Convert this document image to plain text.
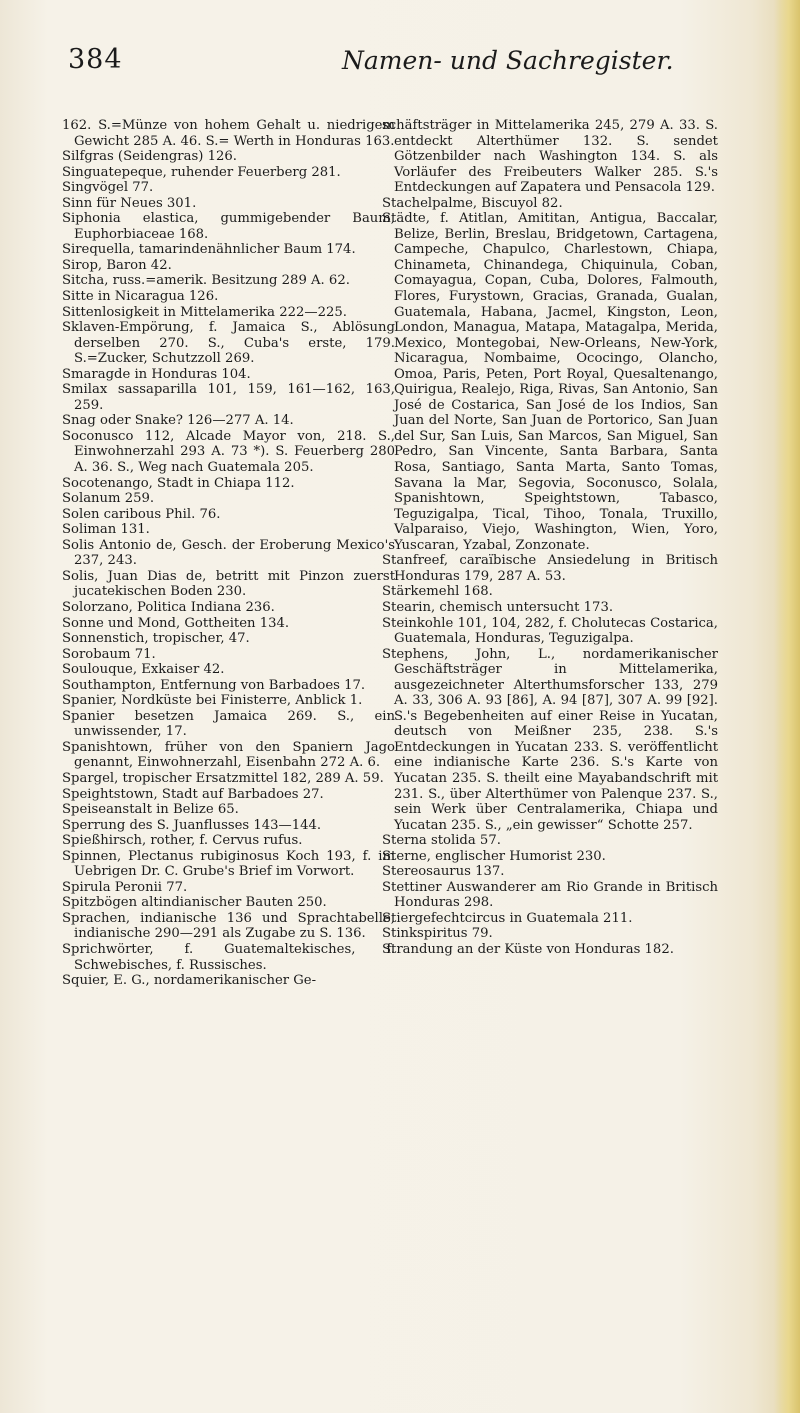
384	Namen- und Sachregister.

162. S.=Münze von hohem Gehalt u. niedrigem Gewicht 285 A. 46. S.= Werth in Honduras 163.

Silfgras (Seidengras) 126.

Singuatepeque, ruhender Feuerberg 281.

Singvögel 77.

Sinn für Neues 301.

Siphonia elastica, gummigebender Baum, Euphorbiaceae 168.

Sirequella, tamarindenähnlicher Baum 174.

Sirop, Baron 42.

Sitcha, russ.=amerik. Besitzung 289 A. 62.

Sitte in Nicaragua 126.

Sittenlosigkeit in Mittelamerika 222—225.

Sklaven-Empörung, f. Jamaica S., Ablösung derselben 270. S., Cuba's erste, 179. S.=Zucker, Schutzzoll 269.

Smaragde in Honduras 104.

Smilax sassaparilla 101, 159, 161—162, 163, 259.

Snag oder Snake? 126—277 A. 14.

Soconusco 112, Alcade Mayor von, 218. S., Einwohnerzahl 293 A. 73 *). S. Feuerberg 280 A. 36. S., Weg nach Guatemala 205.

Socotenango, Stadt in Chiapa 112.

Solanum 259.

Solen caribous Phil. 76.

Soliman 131.

Solis Antonio de, Gesch. der Eroberung Mexico's 237, 243.

Solis, Juan Dias de, betritt mit Pinzon zuerst jucatekischen Boden 230.

Solorzano, Politica Indiana 236.

Sonne und Mond, Gottheiten 134.

Sonnenstich, tropischer, 47.

Sorobaum 71.

Soulouque, Exkaiser 42.

Southampton, Entfernung von Barbadoes 17.

Spanier, Nordküste bei Finisterre, Anblick 1.

Spanier besetzen Jamaica 269. S., ein unwissender, 17.

Spanishtown, früher von den Spaniern Jago genannt, Einwohnerzahl, Eisenbahn 272 A. 6.

Spargel, tropischer Ersatzmittel 182, 289 A. 59.

Speightstown, Stadt auf Barbadoes 27.

Speiseanstalt in Belize 65.

Sperrung des S. Juanflusses 143—144.

Spießhirsch, rother, f. Cervus rufus.

Spinnen, Plectanus rubiginosus Koch 193, f. im Uebrigen Dr. C. Grube's Brief im Vorwort.

Spirula Peronii 77.

Spitzbögen altindianischer Bauten 250.

Sprachen, indianische 136 und Sprachtabelle, indianische 290—291 als Zugabe zu S. 136.

Sprichwörter, f. Guatemaltekisches, f. Schwebisches, f. Russisches.

Squier, E. G., nordamerikanischer Ge-

schäftsträger in Mittelamerika 245, 279 A. 33. S. entdeckt Alterthümer 132. S. sendet Götzenbilder nach Washington 134. S. als Vorläufer des Freibeuters Walker 285. S.'s Entdeckungen auf Zapatera und Pensacola 129.

Stachelpalme, Biscuyol 82.

Städte, f. Atitlan, Amititan, Antigua, Baccalar, Belize, Berlin, Breslau, Bridgetown, Cartagena, Campeche, Chapulco, Charlestown, Chiapa, Chinameta, Chinandega, Chiquinula, Coban, Comayagua, Copan, Cuba, Dolores, Falmouth, Flores, Furystown, Gracias, Granada, Gualan, Guatemala, Habana, Jacmel, Kingston, Leon, London, Managua, Matapa, Matagalpa, Merida, Mexico, Montegobai, New-Orleans, New-York, Nicaragua, Nombaime, Ococingo, Olancho, Omoa, Paris, Peten, Port Royal, Quesaltenango, Quirigua, Realejo, Riga, Rivas, San Antonio, San José de Costarica, San José de los Indios, San Juan del Norte, San Juan de Portorico, San Juan del Sur, San Luis, San Marcos, San Miguel, San Pedro, San Vincente, Santa Barbara, Santa Rosa, Santiago, Santa Marta, Santo Tomas, Savana la Mar, Segovia, Soconusco, Solala, Spanishtown, Speightstown, Tabasco, Teguzigalpa, Tical, Tihoo, Tonala, Truxillo, Valparaiso, Viejo, Washington, Wien, Yoro, Yuscaran, Yzabal, Zonzonate.

Stanfreef, caraïbische Ansiedelung in Britisch Honduras 179, 287 A. 53.

Stärkemehl 168.

Stearin, chemisch untersucht 173.

Steinkohle 101, 104, 282, f. Cholutecas Costarica, Guatemala, Honduras, Teguzigalpa.

Stephens, John, L., nordamerikanischer Geschäftsträger in Mittelamerika, ausgezeichneter Alterthumsforscher 133, 279 A. 33, 306 A. 93 [86], A. 94 [87], 307 A. 99 [92]. S.'s Begebenheiten auf einer Reise in Yucatan, deutsch von Meißner 235, 238. S.'s Entdeckungen in Yucatan 233. S. veröffentlicht eine indianische Karte 236. S.'s Karte von Yucatan 235. S. theilt eine Mayabandschrift mit 231. S., über Alterthümer von Palenque 237. S., sein Werk über Centralamerika, Chiapa und Yucatan 235. S., „ein gewisser“ Schotte 257.

Sterna stolida 57.

Sterne, englischer Humorist 230.

Stereosaurus 137.

Stettiner Auswanderer am Rio Grande in Britisch Honduras 298.

Stiergefechtcircus in Guatemala 211.

Stinkspiritus 79.

Strandung an der Küste von Honduras 182.
